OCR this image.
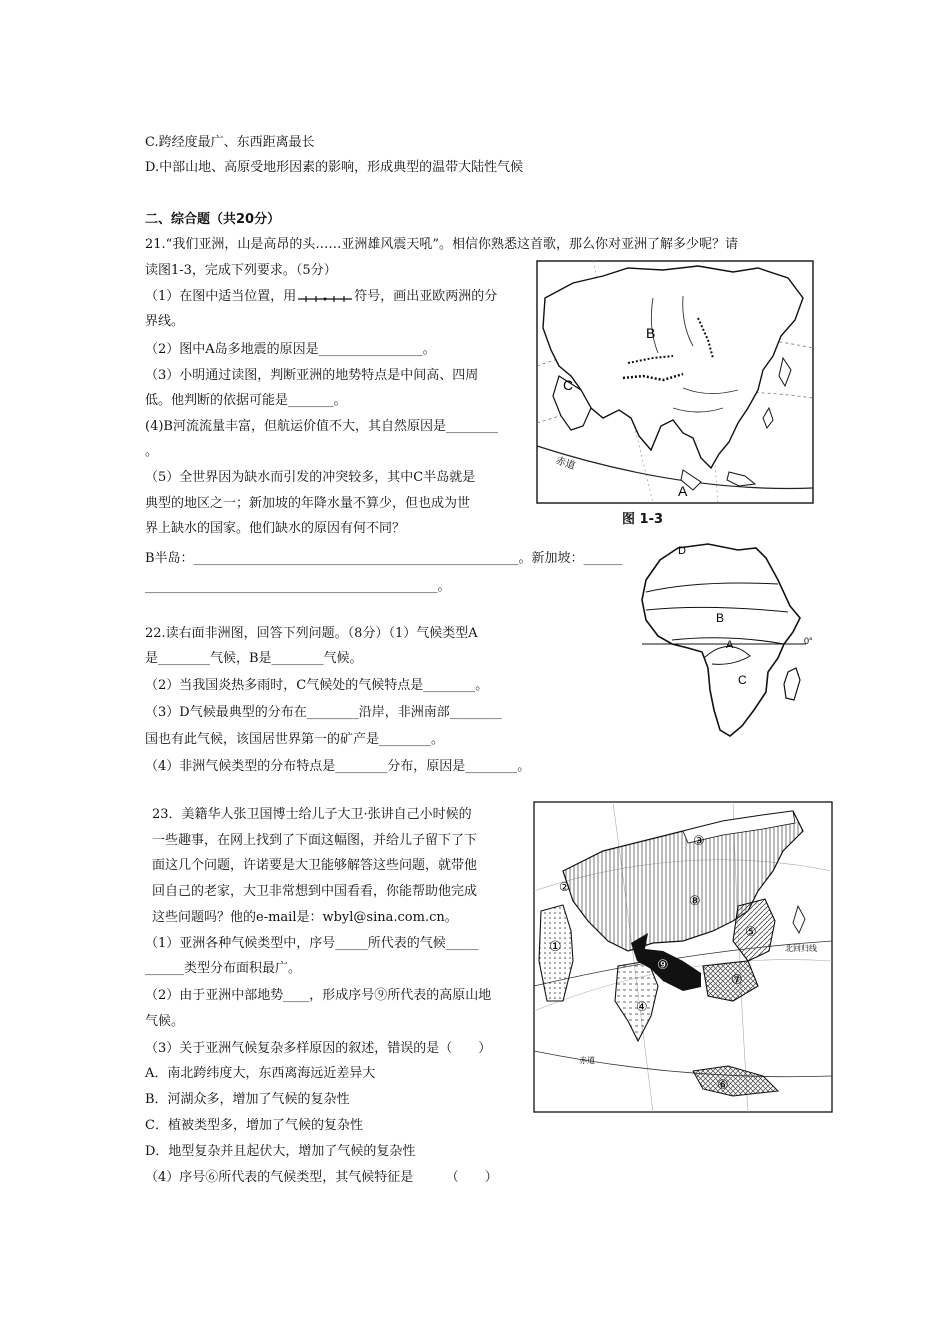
C.跨经度最广、东西距离最长
D.中部山地、高原受地形因素的影响，形成典型的温带大陆性气候
二、综合题（共20分）
21.“我们亚洲，山是高昂的头……亚洲雄风震天吼”。相信你熟悉这首歌，那么你对亚洲了解多少呢？请
读图1-3，完成下列要求。（5分）
（1）在图中适当位置，用	符号，画出亚欧两洲的分
界线。
（2）图中A岛多地震的原因是________________。
（3）小明通过读图，判断亚洲的地势特点是中间高、四周
低。他判断的依据可能是_______。
(4)B河流流量丰富，但航运价值不大，其自然原因是________
。
（5）全世界因为缺水而引发的冲突较多，其中C半岛就是
典型的地区之一；新加坡的年降水量不算少，但也成为世
界上缺水的国家。他们缺水的原因有何不同？
B半岛：__________________________________________________。新加坡：______
_____________________________________________。
B
C
A
赤道
图 1-3
22.读右面非洲图，回答下列问题。（8分）（1）气候类型A
是________气候，B是________气候。
（2）当我国炎热多雨时，C气候处的气候特点是________。
（3）D气候最典型的分布在________沿岸，非洲南部________
国也有此气候，该国居世界第一的矿产是________。
（4）非洲气候类型的分布特点是________分布，原因是________。
D
B
A
C
0°
23．美籍华人张卫国博士给儿子大卫·张讲自己小时候的
一些趣事，在网上找到了下面这幅图，并给儿子留下了下
面这几个问题，许诺要是大卫能够解答这些问题，就带他
回自己的老家，大卫非常想到中国看看，你能帮助他完成
这些问题吗？他的e-mail是：wbyl@sina.com.cn。
（1）亚洲各种气候类型中，序号_____所代表的气候_____
______类型分布面积最广。
（2）由于亚洲中部地势____，形成序号⑨所代表的高原山地
气候。
（3）关于亚洲气候复杂多样原因的叙述，错误的是（　　）
A．南北跨纬度大，东西离海远近差异大
B．河湖众多，增加了气候的复杂性
C．植被类型多，增加了气候的复杂性
D．地型复杂并且起伏大，增加了气候的复杂性
（4）序号⑥所代表的气候类型，其气候特征是　　　（　　）
①
②
③
④
⑤
⑥
⑦
⑧
⑨
北回归线
赤道
